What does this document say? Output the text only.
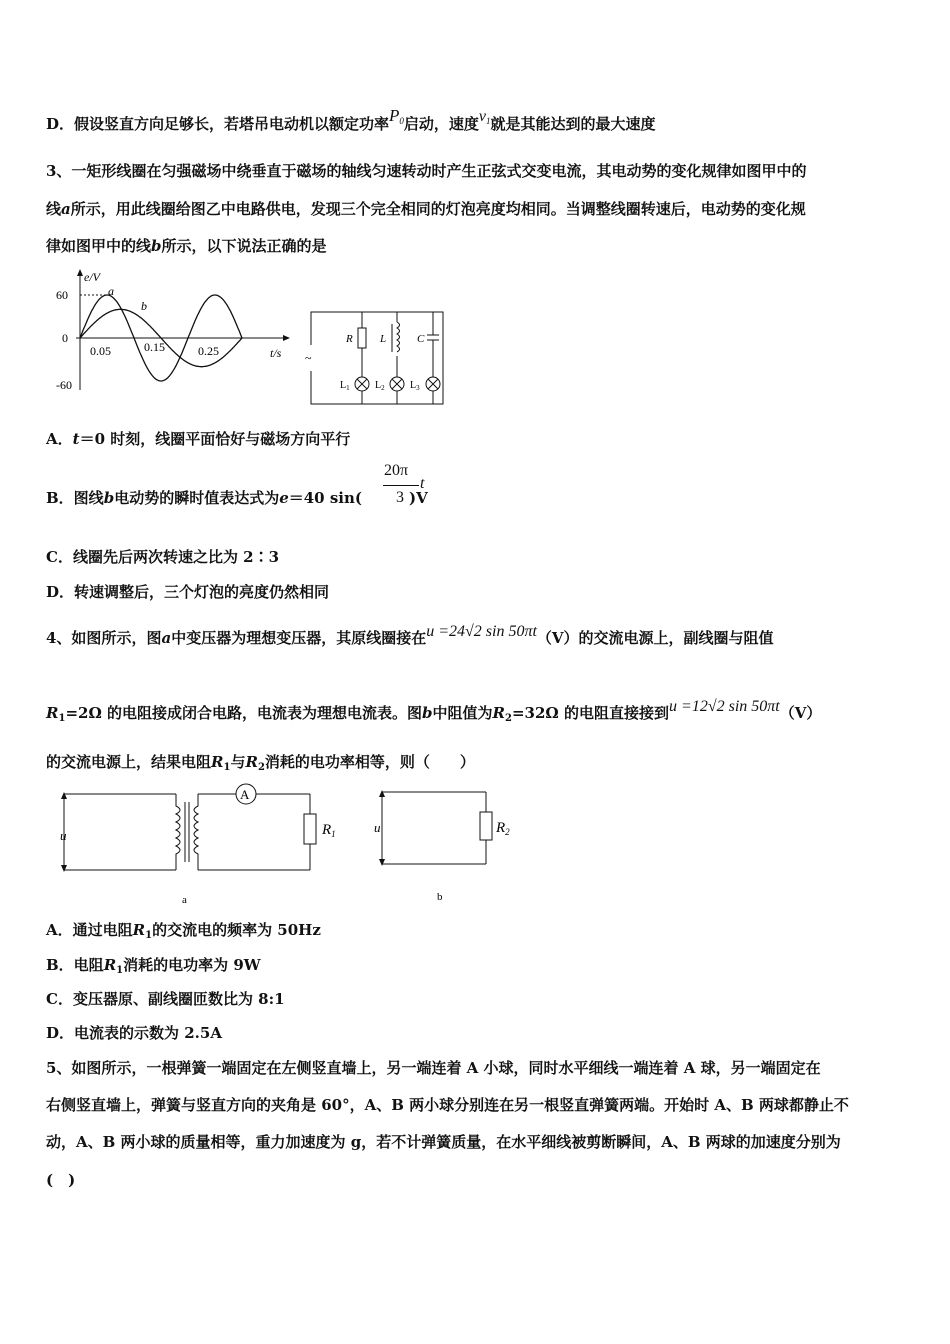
D．假设竖直方向足够长，若塔吊电动机以额定功率$P_0$启动，速度$v_1$就是其能达到的最大速度
3、一矩形线圈在匀强磁场中绕垂直于磁场的轴线匀速转动时产生正弦式交变电流，其电动势的变化规律如图甲中的
线a所示，用此线圈给图乙中电路供电，发现三个完全相同的灯泡亮度均相同。当调整线圈转速后，电动势的变化规
律如图甲中的线b所示，以下说法正确的是
e/V
t/s
60
0
-60
0.05	0.15	0.25
a
b
~
R L	C
$L_1$	$L_2$	$L_3$
A．t＝0 时刻，线圈平面恰好与磁场方向平行
B．图线b电动势的瞬时值表达式为e＝40 sin(	)V
20π
3
t
C．线圈先后两次转速之比为 2∶3
D．转速调整后，三个灯泡的亮度仍然相同
4、如图所示，图a中变压器为理想变压器，其原线圈接在u =24√2 sin 50πt（V）的交流电源上，副线圈与阻值
$R_1=2\Omega$ 的电阻接成闭合电路，电流表为理想电流表。图b中阻值为$R_2=32\Omega$ 的电阻直接接到u =12√2 sin 50πt（V）
的交流电源上，结果电阻$R_1$与$R_2$消耗的电功率相等，则（　　）
u
A
$R_1$
a
u	$R_2$
b
A．通过电阻$R_1$的交流电的频率为 50Hz
B．电阻$R_1$消耗的电功率为 9W
C．变压器原、副线圈匝数比为 8:1
D．电流表的示数为 2.5A
5、如图所示，一根弹簧一端固定在左侧竖直墙上，另一端连着 A 小球，同时水平细线一端连着 A 球，另一端固定在
右侧竖直墙上，弹簧与竖直方向的夹角是 60°，A、B 两小球分别连在另一根竖直弹簧两端。开始时 A、B 两球都静止不
动，A、B 两小球的质量相等，重力加速度为 g，若不计弹簧质量，在水平细线被剪断瞬间，A、B 两球的加速度分别为
(　)
